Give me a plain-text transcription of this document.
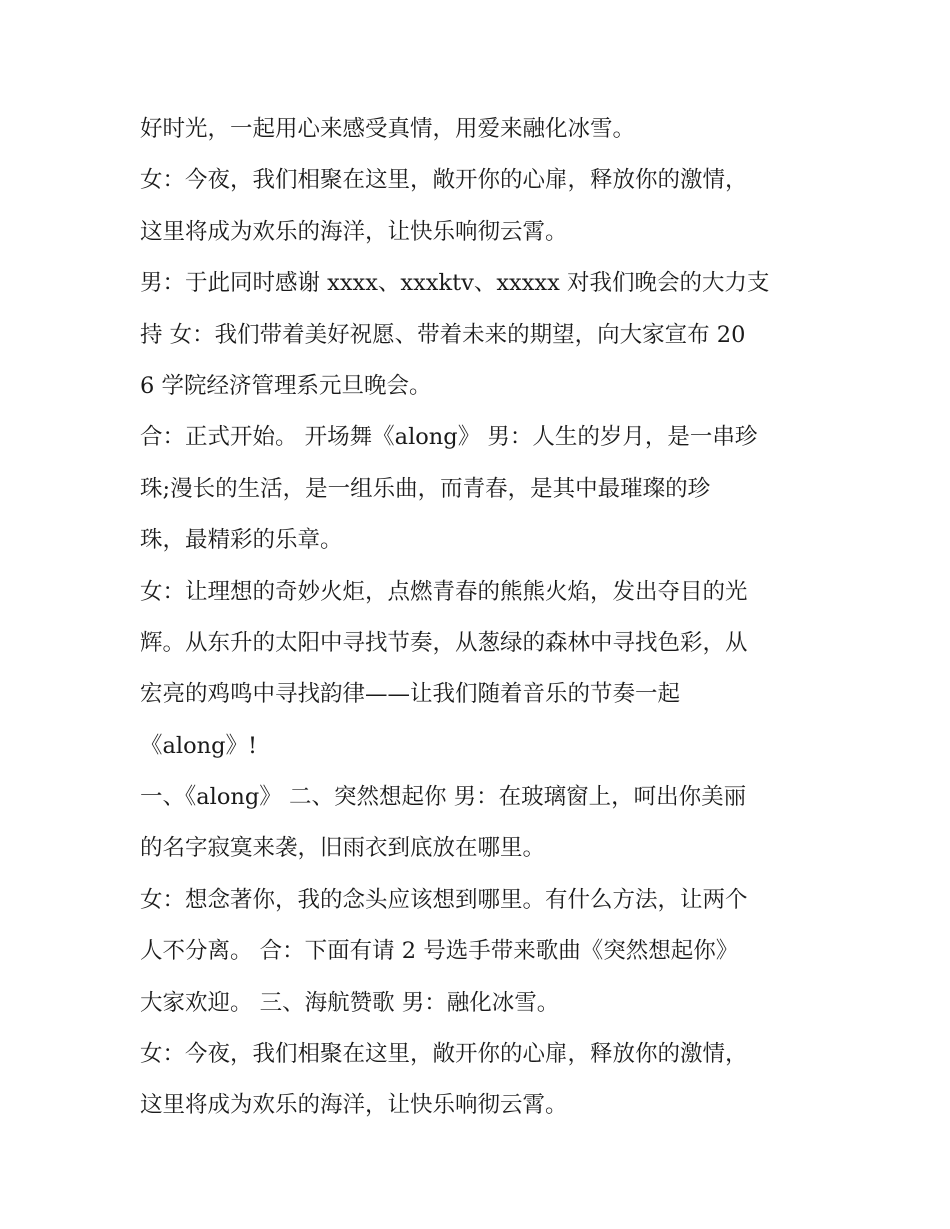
好时光，一起用心来感受真情，用爱来融化冰雪。
女：今夜，我们相聚在这里，敞开你的心扉，释放你的激情，
这里将成为欢乐的海洋，让快乐响彻云霄。
男：于此同时感谢 xxxx、xxxktv、xxxxx 对我们晚会的大力支
持 女：我们带着美好祝愿、带着未来的期望，向大家宣布 20
6 学院经济管理系元旦晚会。
合：正式开始。 开场舞《along》 男：人生的岁月，是一串珍
珠;漫长的生活，是一组乐曲，而青春，是其中最璀璨的珍
珠，最精彩的乐章。
女：让理想的奇妙火炬，点燃青春的熊熊火焰，发出夺目的光
辉。从东升的太阳中寻找节奏，从葱绿的森林中寻找色彩，从
宏亮的鸡鸣中寻找韵律——让我们随着音乐的节奏一起
《along》!
一、《along》 二、突然想起你 男：在玻璃窗上，呵出你美丽
的名字寂寞来袭，旧雨衣到底放在哪里。
女：想念著你，我的念头应该想到哪里。有什么方法，让两个
人不分离。 合：下面有请 2 号选手带来歌曲《突然想起你》
大家欢迎。 三、海航赞歌 男：融化冰雪。
女：今夜，我们相聚在这里，敞开你的心扉，释放你的激情，
这里将成为欢乐的海洋，让快乐响彻云霄。
